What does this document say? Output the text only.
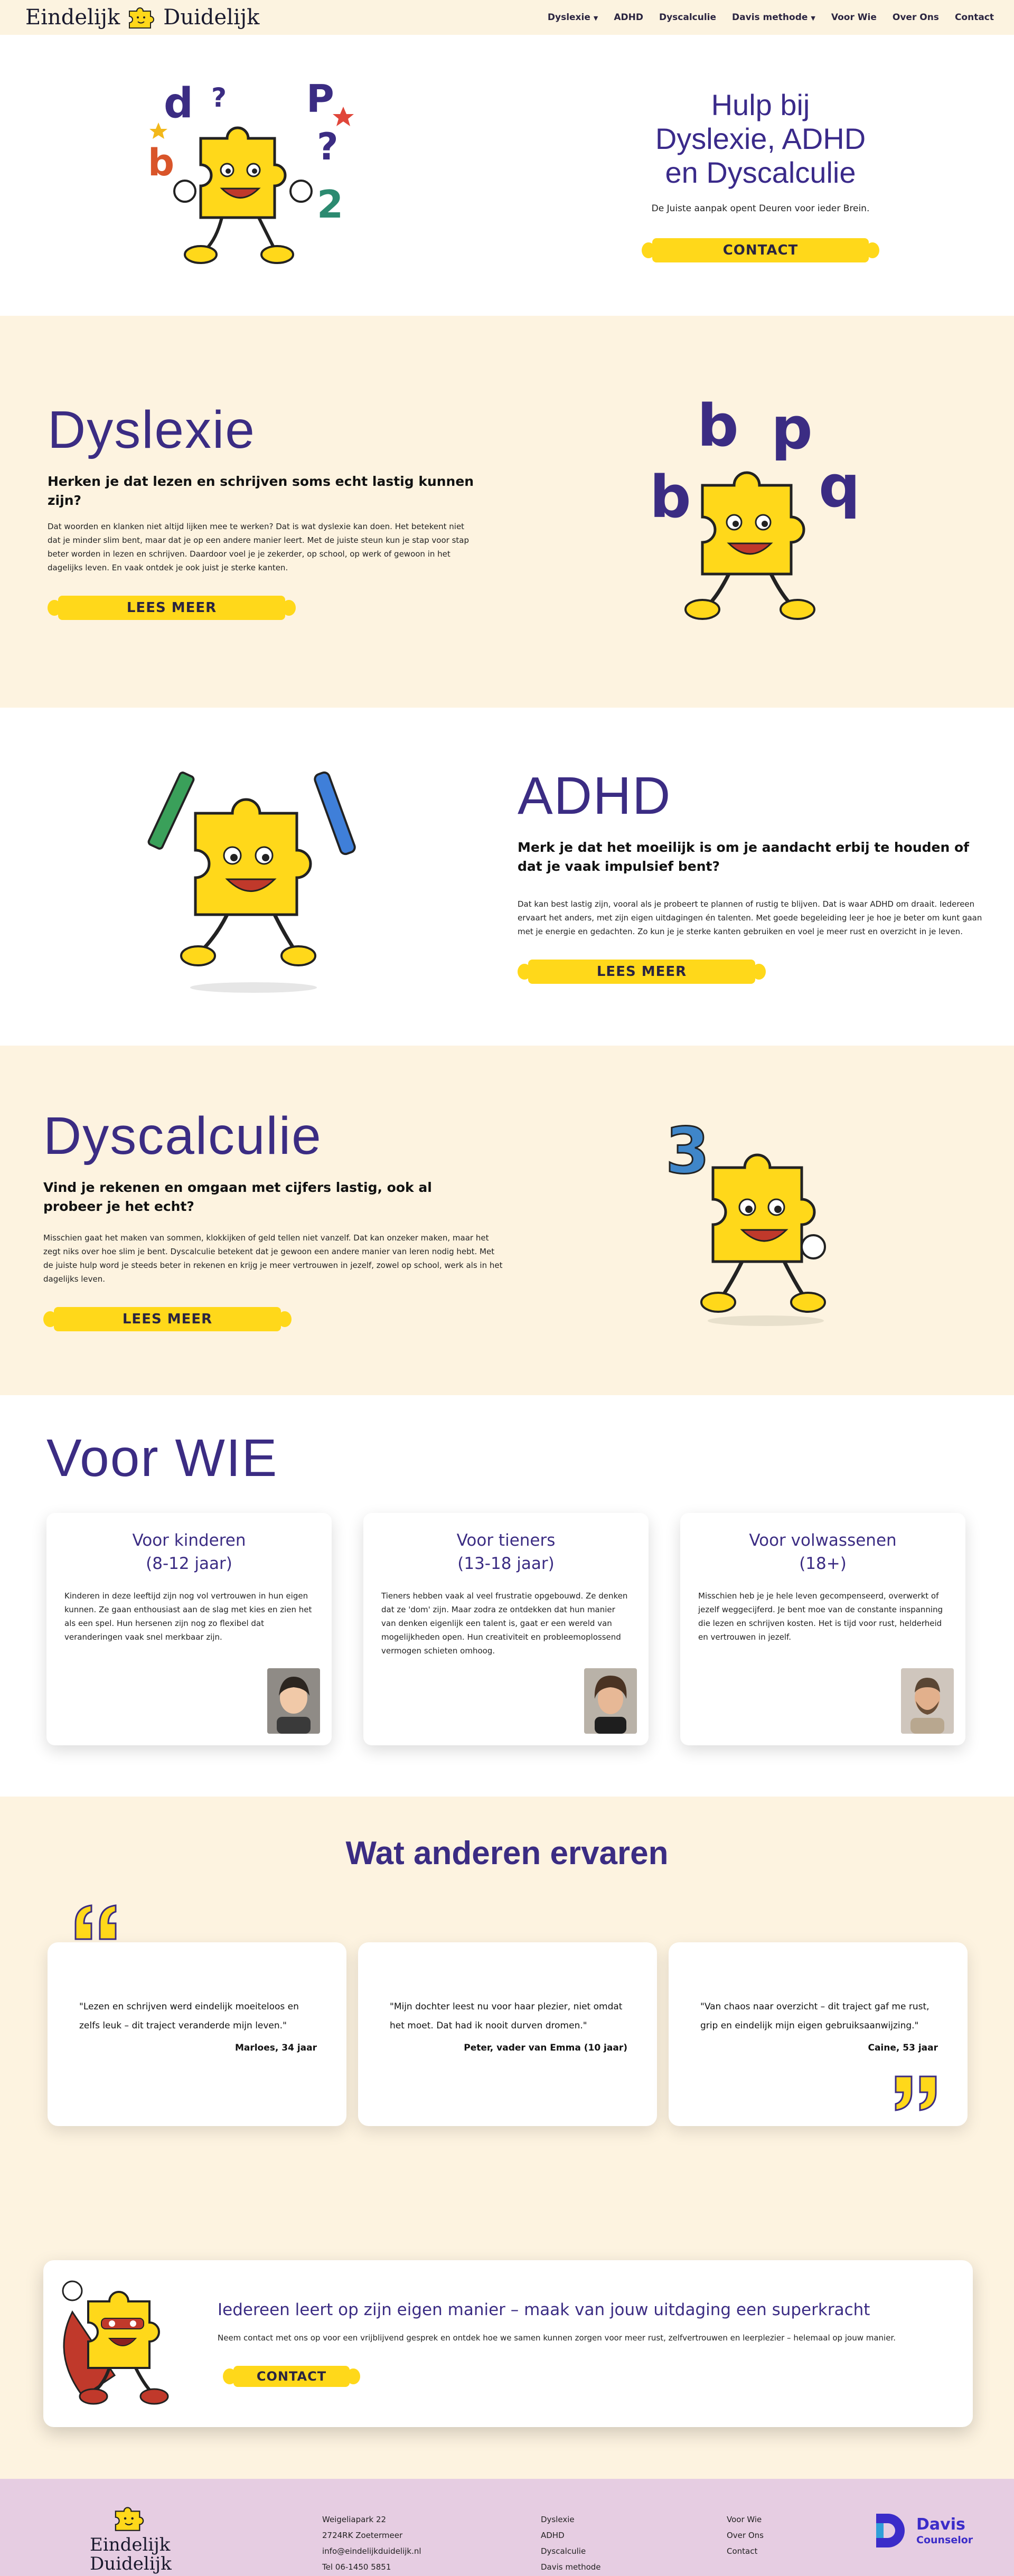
Eindelijk Duidelijk	Dyslexie ▼ ADHD Dyscalculie Davis methode ▼ Voor Wie Over Ons Contact
d	P
?
?
b
2
Hulp bij
Dyslexie, ADHD
en Dyscalculie
De Juiste aanpak opent Deuren voor ieder Brein.
CONTACT
Dyslexie
Herken je dat lezen en schrijven soms echt lastig kunnen zijn?
Dat woorden en klanken niet altijd lijken mee te werken? Dat is wat dyslexie kan doen. Het betekent niet dat je minder slim bent, maar dat je op een andere manier leert. Met de juiste steun kun je stap voor stap beter worden in lezen en schrijven. Daardoor voel je je zekerder, op school, op werk of gewoon in het dagelijks leven. En vaak ontdek je ook juist je sterke kanten.
LEES MEER
b p
b q
ADHD
Merk je dat het moeilijk is om je aandacht erbij te houden of dat je vaak impulsief bent?
Dat kan best lastig zijn, vooral als je probeert te plannen of rustig te blijven. Dat is waar ADHD om draait. Iedereen ervaart het anders, met zijn eigen uitdagingen én talenten. Met goede begeleiding leer je hoe je beter om kunt gaan met je energie en gedachten. Zo kun je je sterke kanten gebruiken en voel je meer rust en overzicht in je leven.
LEES MEER
Dyscalculie
Vind je rekenen en omgaan met cijfers lastig, ook al probeer je het echt?
Misschien gaat het maken van sommen, klokkijken of geld tellen niet vanzelf. Dat kan onzeker maken, maar het zegt niks over hoe slim je bent. Dyscalculie betekent dat je gewoon een andere manier van leren nodig hebt. Met de juiste hulp word je steeds beter in rekenen en krijg je meer vertrouwen in jezelf, zowel op school, werk als in het dagelijks leven.
LEES MEER
3
Voor WIE
Voor kinderen
(8-12 jaar)
Kinderen in deze leeftijd zijn nog vol vertrouwen in hun eigen kunnen. Ze gaan enthousiast aan de slag met kies en zien het als een spel. Hun hersenen zijn nog zo flexibel dat veranderingen vaak snel merkbaar zijn.
Voor tieners
(13-18 jaar)
Tieners hebben vaak al veel frustratie opgebouwd. Ze denken dat ze 'dom' zijn. Maar zodra ze ontdekken dat hun manier van denken eigenlijk een talent is, gaat er een wereld van mogelijkheden open. Hun creativiteit en probleemoplossend vermogen schieten omhoog.
Voor volwassenen
(18+)
Misschien heb je je hele leven gecompenseerd, overwerkt of jezelf weggecijferd. Je bent moe van de constante inspanning die lezen en schrijven kosten. Het is tijd voor rust, helderheid en vertrouwen in jezelf.
Wat anderen ervaren
"Lezen en schrijven werd eindelijk moeiteloos en zelfs leuk – dit traject veranderde mijn leven."
Marloes, 34 jaar
"Mijn dochter leest nu voor haar plezier, niet omdat het moet. Dat had ik nooit durven dromen."
Peter, vader van Emma (10 jaar)
"Van chaos naar overzicht – dit traject gaf me rust, grip en eindelijk mijn eigen gebruiksaanwijzing."
Caine, 53 jaar
Iedereen leert op zijn eigen manier – maak van jouw uitdaging een superkracht
Neem contact met ons op voor een vrijblijvend gesprek en ontdek hoe we samen kunnen zorgen voor meer rust, zelfvertrouwen en leerplezier – helemaal op jouw manier.
CONTACT
Eindelijk
Duidelijk
Weigeliapark 22
2724RK Zoetermeer
info@eindelijkduidelijk.nl
Tel 06-1450 5851
Dyslexie
ADHD
Dyscalculie
Davis methode
Voor Wie
Over Ons
Contact
Davis
Counselor
